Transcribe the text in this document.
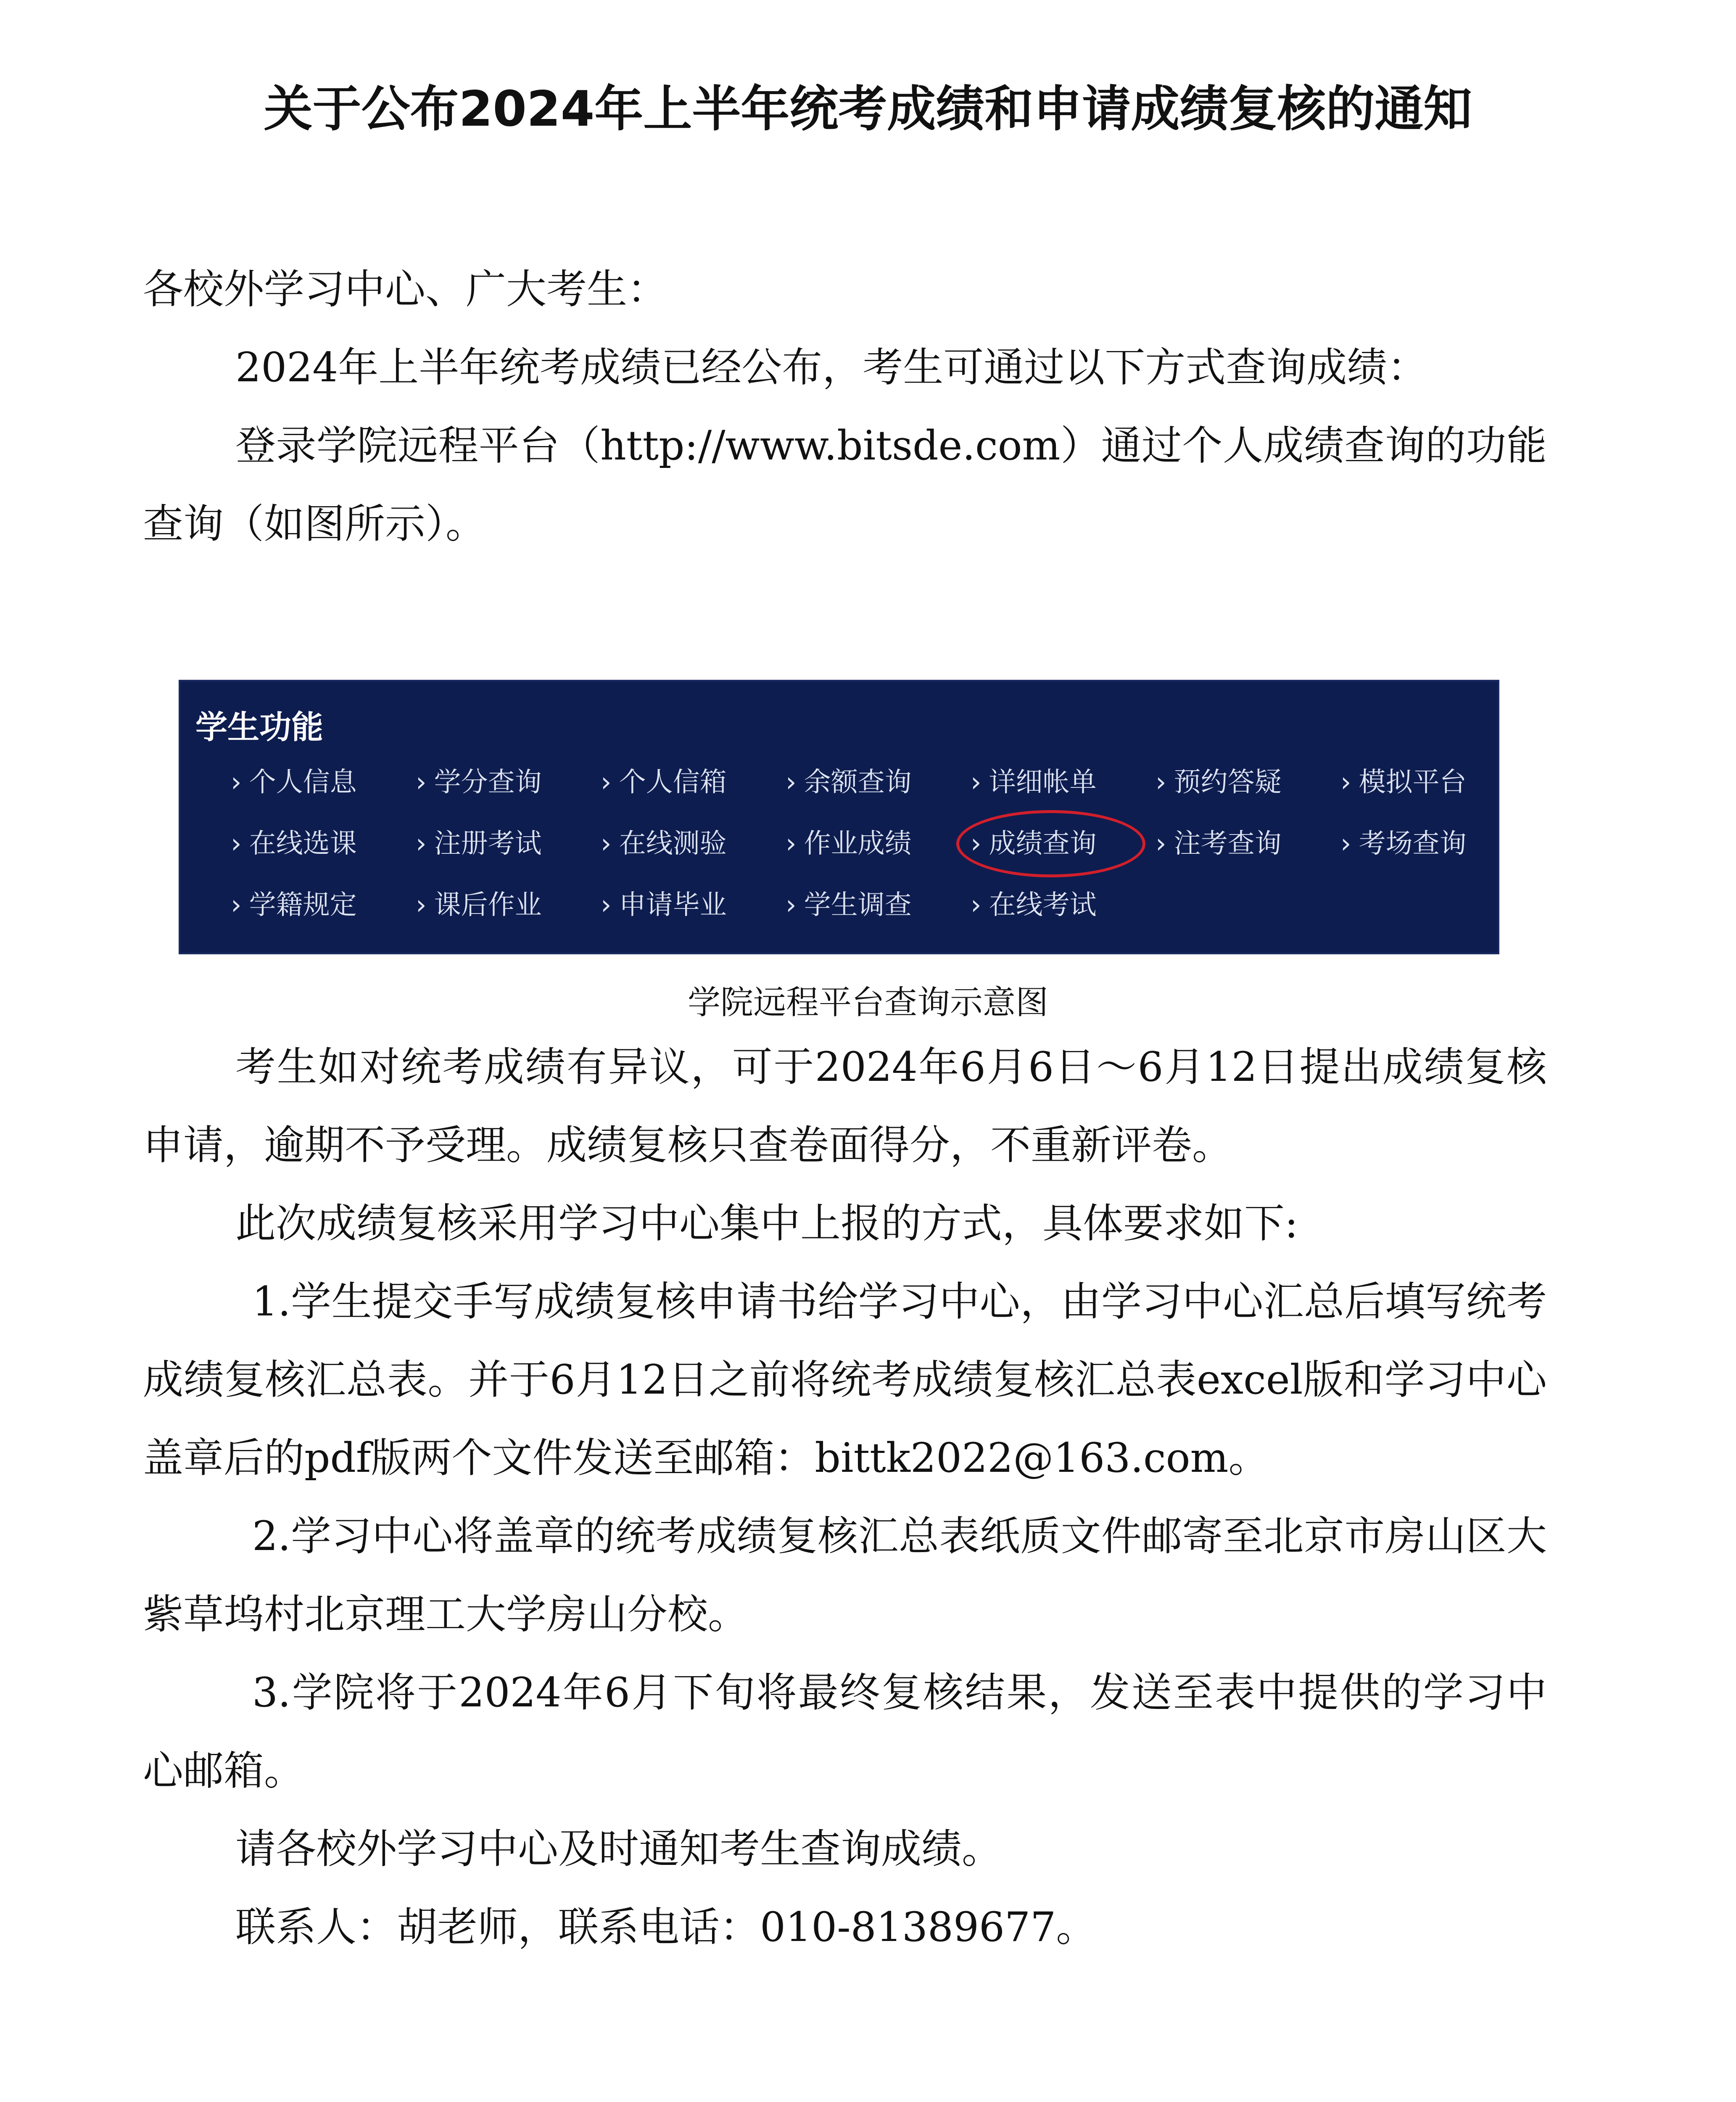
关于公布2024年上半年统考成绩和申请成绩复核的通知

各校外学习中心、广大考生：

2024年上半年统考成绩已经公布，考生可通过以下方式查询成绩：

登录学院远程平台（http://www.bitsde.com）通过个人成绩查询的功能查询（如图所示）。

学生功能
› 个人信息	› 学分查询	› 个人信箱	› 余额查询	› 详细帐单	› 预约答疑	› 模拟平台
› 在线选课	› 注册考试	› 在线测验	› 作业成绩	› 成绩查询	› 注考查询	› 考场查询
› 学籍规定	› 课后作业	› 申请毕业	› 学生调查	› 在线考试
学院远程平台查询示意图

考生如对统考成绩有异议，可于2024年6月6日～6月12日提出成绩复核申请，逾期不予受理。成绩复核只查卷面得分，不重新评卷。

此次成绩复核采用学习中心集中上报的方式，具体要求如下:

1.学生提交手写成绩复核申请书给学习中心，由学习中心汇总后填写统考成绩复核汇总表。并于6月12日之前将统考成绩复核汇总表excel版和学习中心盖章后的pdf版两个文件发送至邮箱：bittk2022@163.com。

2.学习中心将盖章的统考成绩复核汇总表纸质文件邮寄至北京市房山区大紫草坞村北京理工大学房山分校。

3.学院将于2024年6月下旬将最终复核结果，发送至表中提供的学习中心邮箱。

请各校外学习中心及时通知考生查询成绩。

联系人：胡老师，联系电话：010-81389677。
